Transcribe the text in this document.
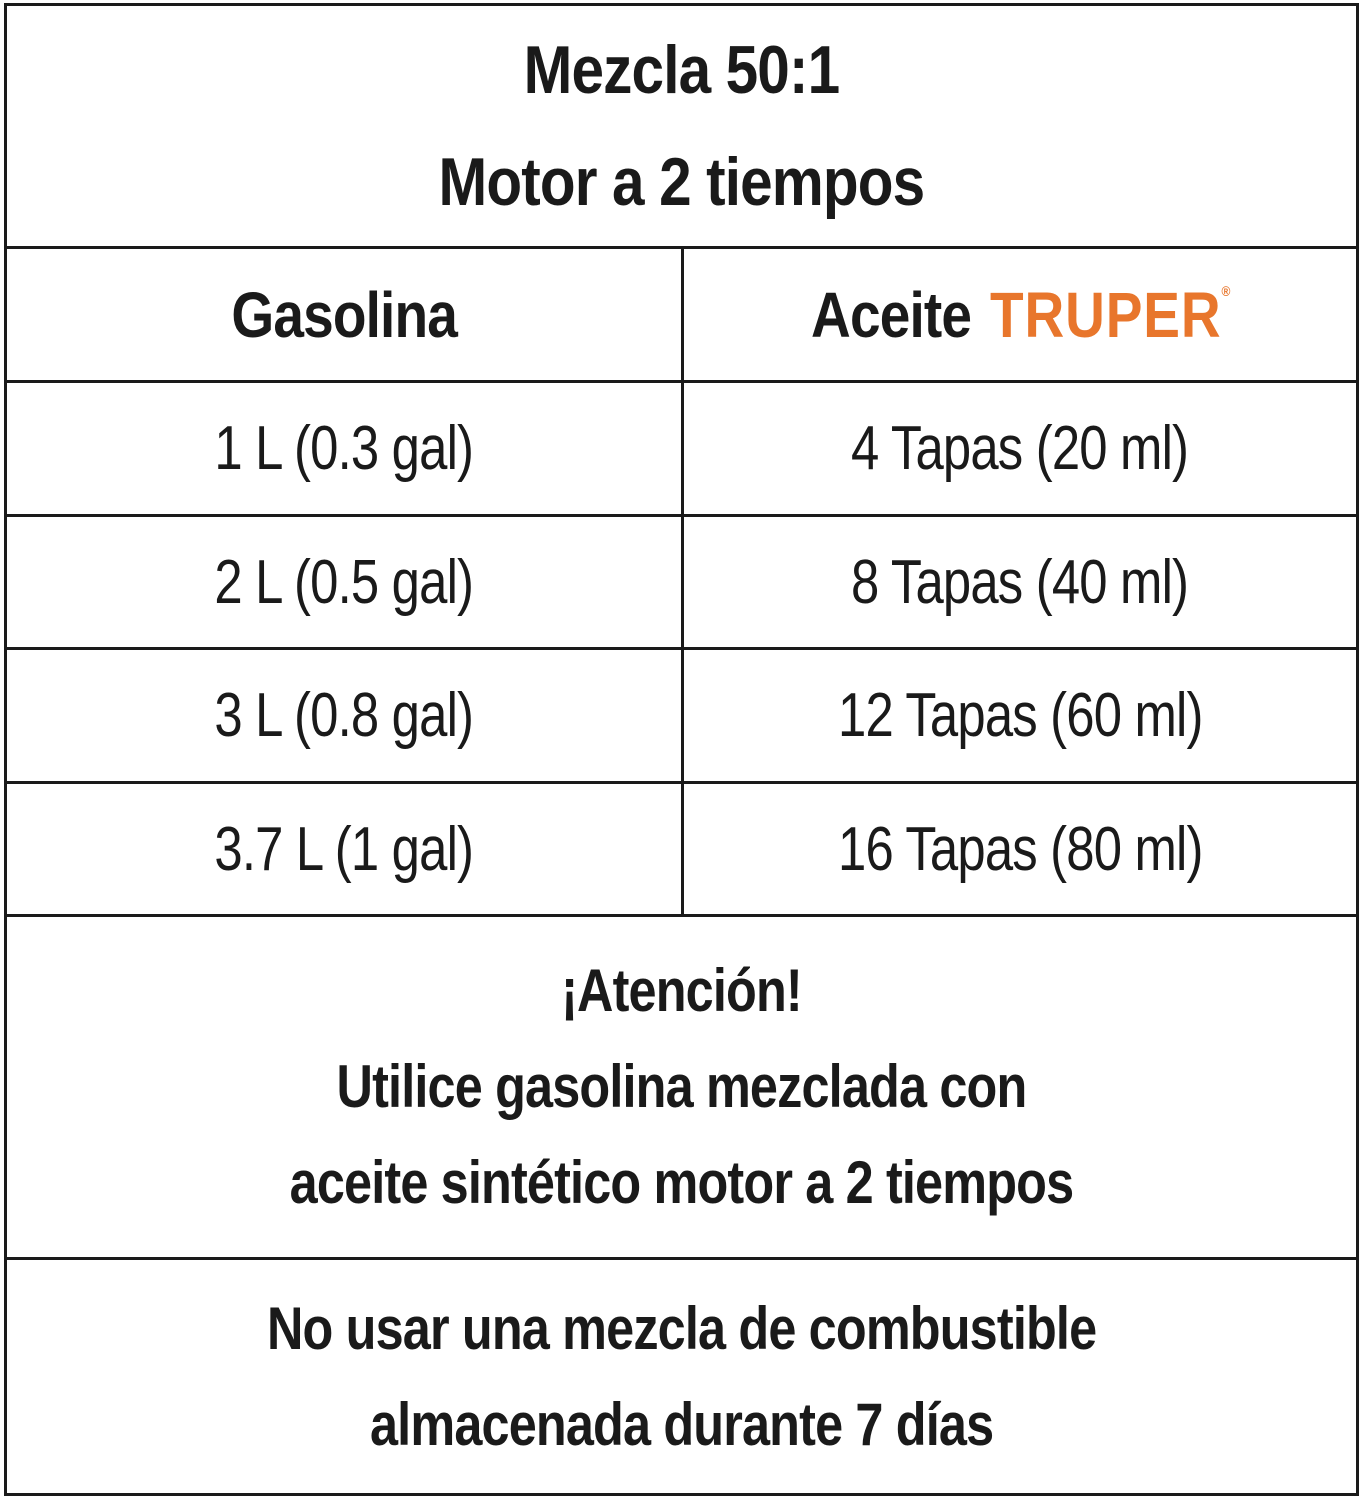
Mezcla 50:1
Motor a 2 tiempos
Gasolina	Aceite TRUPER®
1 L (0.3 gal)	4 Tapas (20 ml)
2 L (0.5 gal)	8 Tapas (40 ml)
3 L (0.8 gal)	12 Tapas (60 ml)
3.7 L (1 gal)	16 Tapas (80 ml)
¡Atención!
Utilice gasolina mezclada con
aceite sintético motor a 2 tiempos
No usar una mezcla de combustible
almacenada durante 7 días
